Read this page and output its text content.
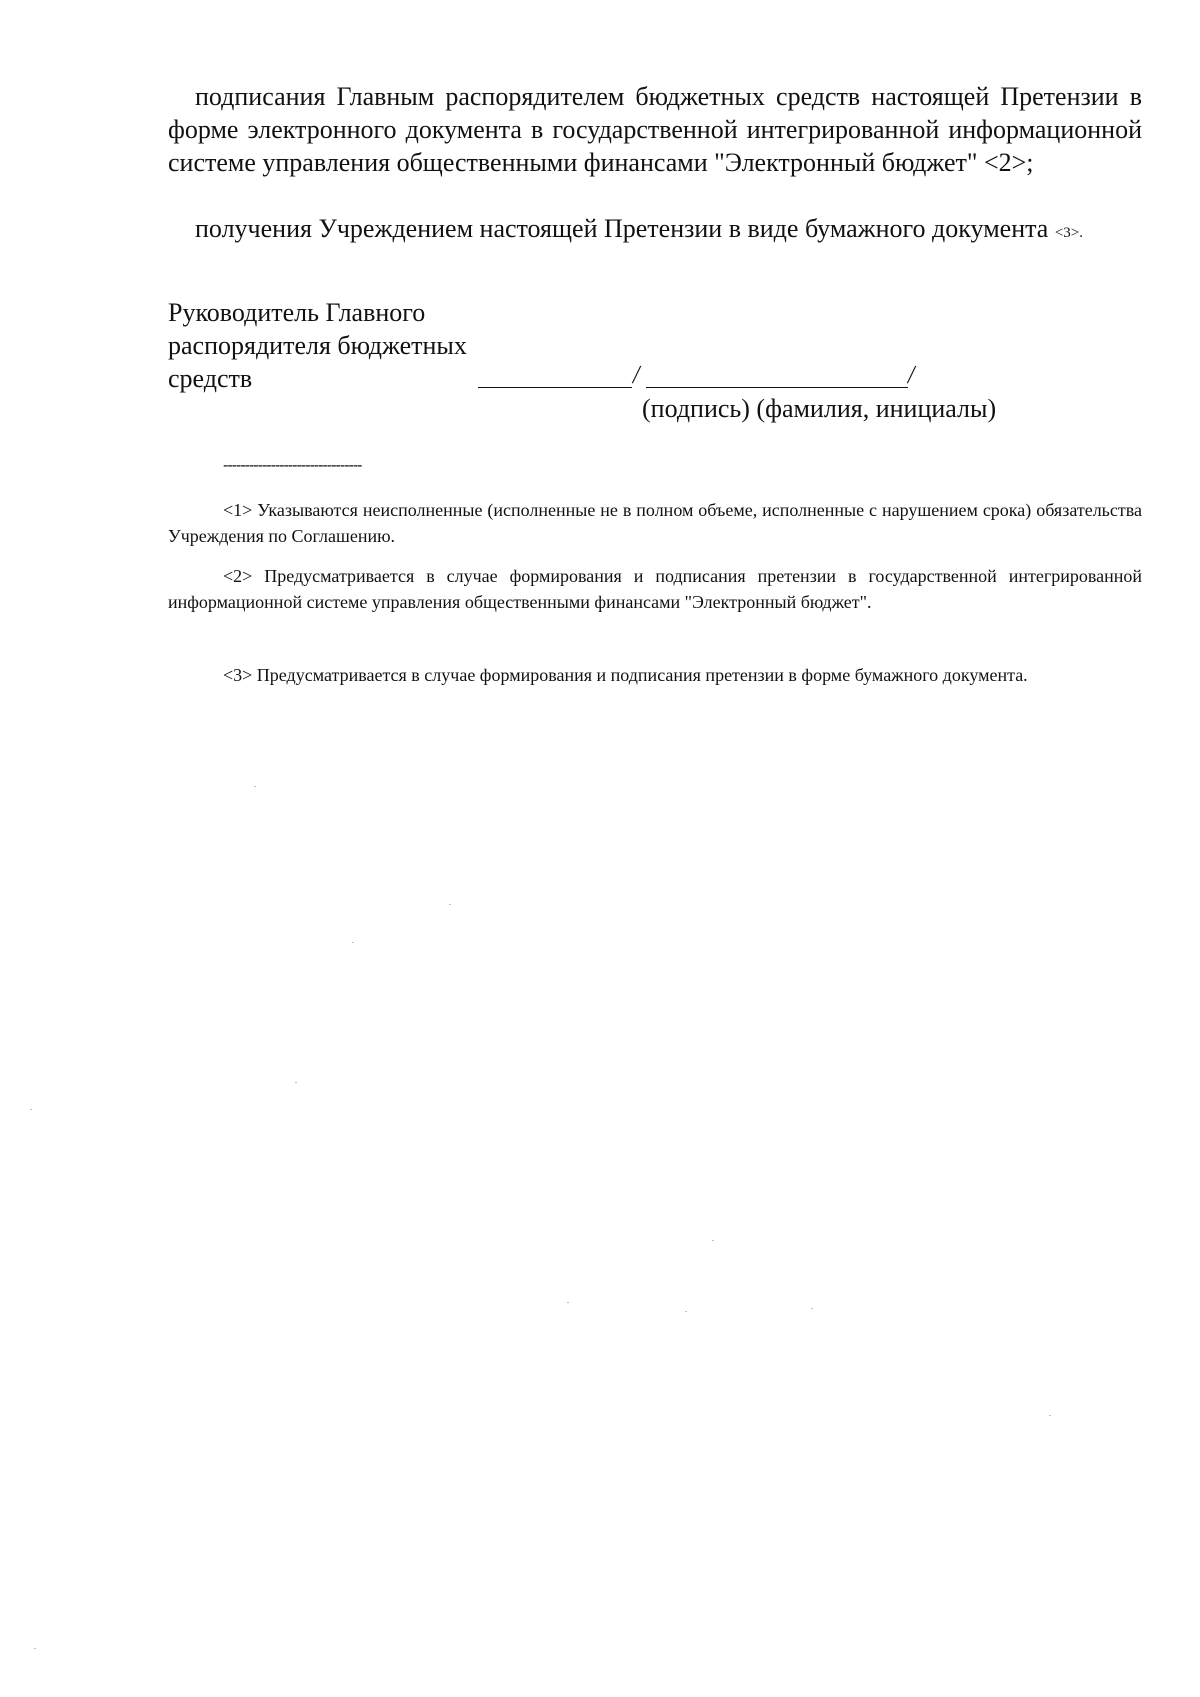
подписания Главным распорядителем бюджетных средств настоящей Претензии в форме электронного документа в государственной интегрированной информационной системе управления общественными финансами "Электронный бюджет" <2>;
получения Учреждением настоящей Претензии в виде бумажного документа <3>.
Руководитель Главного
распорядителя бюджетных
средств	/	/
(подпись) (фамилия, инициалы)
--------------------------------
<1> Указываются неисполненные (исполненные не в полном объеме, исполненные с нарушением срока) обязательства Учреждения по Соглашению.
<2> Предусматривается в случае формирования и подписания претензии в государственной интегрированной информационной системе управления общественными финансами "Электронный бюджет".
<3> Предусматривается в случае формирования и подписания претензии в форме бумажного документа.
